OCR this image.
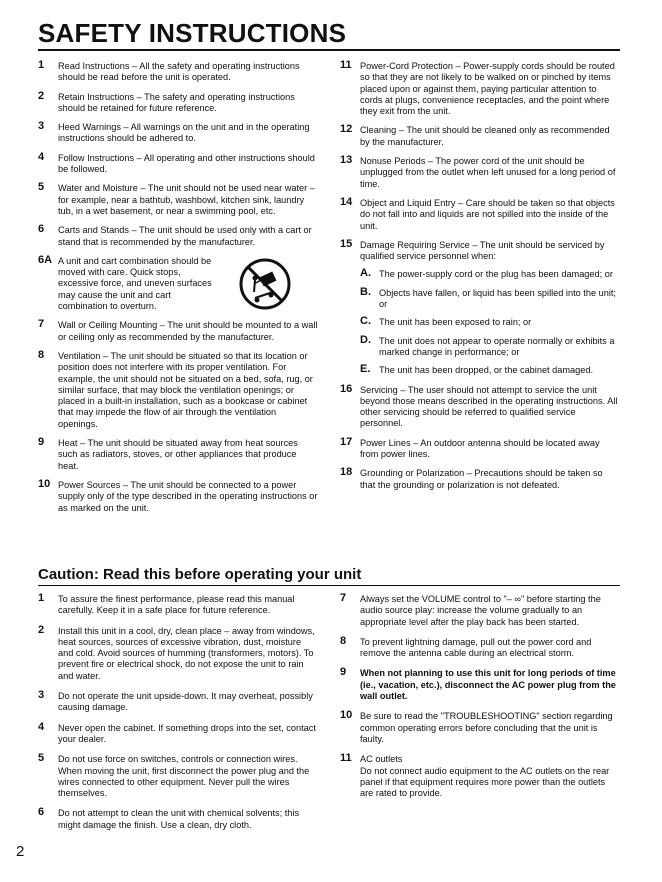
SAFETY INSTRUCTIONS
1 Read Instructions – All the safety and operating instructions should be read before the unit is operated.
2 Retain Instructions – The safety and operating instructions should be retained for future reference.
3 Heed Warnings – All warnings on the unit and in the operating instructions should be adhered to.
4 Follow Instructions – All operating and other instructions should be followed.
5 Water and Moisture – The unit should not be used near water – for example, near a bathtub, washbowl, kitchen sink, laundry tub, in a wet basement, or near a swimming pool, etc.
6 Carts and Stands – The unit should be used only with a cart or stand that is recommended by the manufacturer.
6A A unit and cart combination should be moved with care. Quick stops, excessive force, and uneven surfaces may cause the unit and cart combination to overturn.
7 Wall or Ceiling Mounting – The unit should be mounted to a wall or ceiling only as recommended by the manufacturer.
8 Ventilation – The unit should be situated so that its location or position does not interfere with its proper ventilation. For example, the unit should not be situated on a bed, sofa, rug, or similar surface, that may block the ventilation openings; or placed in a built-in installation, such as a bookcase or cabinet that may impede the flow of air through the ventilation openings.
9 Heat – The unit should be situated away from heat sources such as radiators, stoves, or other appliances that produce heat.
10 Power Sources – The unit should be connected to a power supply only of the type described in the operating instructions or as marked on the unit.
11 Power-Cord Protection – Power-supply cords should be routed so that they are not likely to be walked on or pinched by items placed upon or against them, paying particular attention to cords at plugs, convenience receptacles, and the point where they exit from the unit.
12 Cleaning – The unit should be cleaned only as recommended by the manufacturer.
13 Nonuse Periods – The power cord of the unit should be unplugged from the outlet when left unused for a long period of time.
14 Object and Liquid Entry – Care should be taken so that objects do not fall into and liquids are not spilled into the inside of the unit.
15 Damage Requiring Service – The unit should be serviced by qualified service personnel when:
A. The power-supply cord or the plug has been damaged; or
B. Objects have fallen, or liquid has been spilled into the unit; or
C. The unit has been exposed to rain; or
D. The unit does not appear to operate normally or exhibits a marked change in performance; or
E. The unit has been dropped, or the cabinet damaged.
16 Servicing – The user should not attempt to service the unit beyond those means described in the operating instructions. All other servicing should be referred to qualified service personnel.
17 Power Lines – An outdoor antenna should be located away from power lines.
18 Grounding or Polarization – Precautions should be taken so that the grounding or polarization is not defeated.
Caution: Read this before operating your unit
1 To assure the finest performance, please read this manual carefully. Keep it in a safe place for future reference.
2 Install this unit in a cool, dry, clean place – away from windows, heat sources, sources of excessive vibration, dust, moisture and cold. Avoid sources of humming (transformers, motors). To prevent fire or electrical shock, do not expose the unit to rain and water.
3 Do not operate the unit upside-down. It may overheat, possibly causing damage.
4 Never open the cabinet. If something drops into the set, contact your dealer.
5 Do not use force on switches, controls or connection wires. When moving the unit, first disconnect the power plug and the wires connected to other equipment. Never pull the wires themselves.
6 Do not attempt to clean the unit with chemical solvents; this might damage the finish. Use a clean, dry cloth.
7 Always set the VOLUME control to "– ∞" before starting the audio source play: increase the volume gradually to an appropriate level after the play back has been started.
8 To prevent lightning damage, pull out the power cord and remove the antenna cable during an electrical storm.
9 When not planning to use this unit for long periods of time (ie., vacation, etc.), disconnect the AC power plug from the wall outlet.
10 Be sure to read the "TROUBLESHOOTING" section regarding common operating errors before concluding that the unit is faulty.
11 AC outlets
Do not connect audio equipment to the AC outlets on the rear panel if that equipment requires more power than the outlets are rated to provide.
2
